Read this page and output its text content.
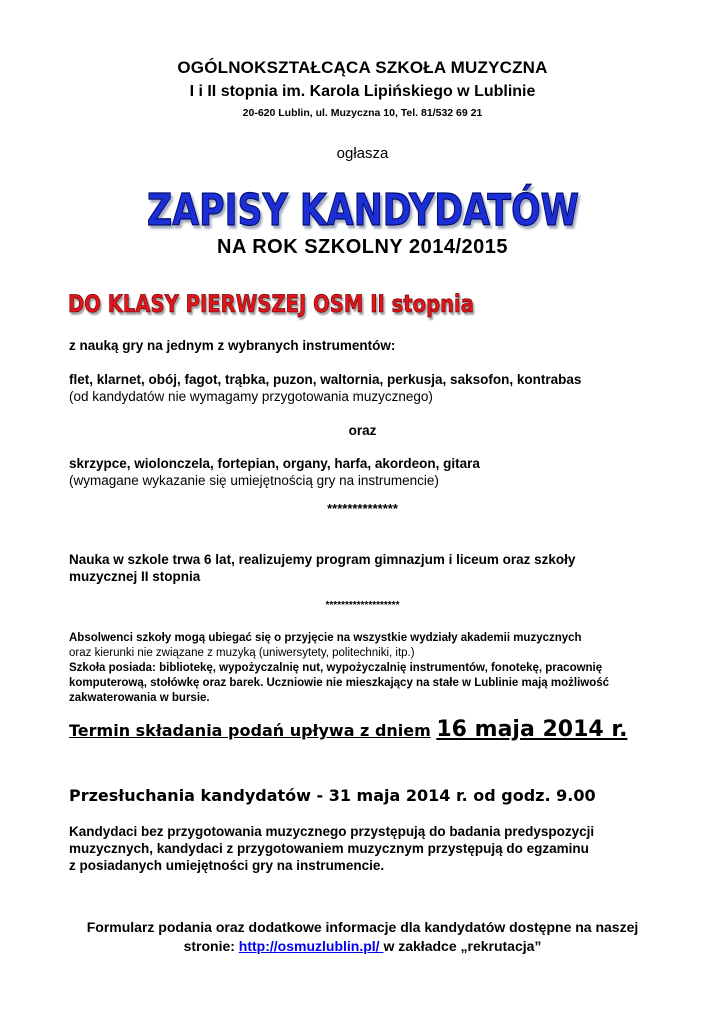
OGÓLNOKSZTAŁCĄCA SZKOŁA MUZYCZNA
I i II stopnia im. Karola Lipińskiego w Lublinie
20-620 Lublin, ul. Muzyczna 10, Tel. 81/532 69 21
ogłasza
ZAPISY KANDYDATÓW
NA ROK SZKOLNY 2014/2015
DO KLASY PIERWSZEJ OSM II stopnia
z nauką gry na jednym z wybranych instrumentów:
flet, klarnet, obój, fagot, trąbka, puzon, waltornia, perkusja, saksofon, kontrabas
(od kandydatów nie wymagamy przygotowania muzycznego)
oraz
skrzypce, wiolonczela, fortepian, organy, harfa, akordeon, gitara
(wymagane wykazanie się umiejętnością gry na instrumencie)
**************
Nauka w szkole trwa 6 lat, realizujemy program gimnazjum i liceum oraz szkoły
muzycznej II stopnia
*******************
Absolwenci szkoły mogą ubiegać się o przyjęcie na wszystkie wydziały akademii muzycznych
oraz kierunki nie związane z muzyką (uniwersytety, politechniki, itp.)
Szkoła posiada: bibliotekę, wypożyczalnię nut, wypożyczalnię instrumentów, fonotekę, pracownię
komputerową, stołówkę oraz barek. Uczniowie nie mieszkający na stałe w Lublinie mają możliwość
zakwaterowania w bursie.
Termin składania podań upływa z dniem 16 maja 2014 r.
Przesłuchania kandydatów - 31 maja 2014 r. od godz. 9.00
Kandydaci bez przygotowania muzycznego przystępują do badania predyspozycji
muzycznych, kandydaci z przygotowaniem muzycznym przystępują do egzaminu
z posiadanych umiejętności gry na instrumencie.
Formularz podania oraz dodatkowe informacje dla kandydatów dostępne na naszej
stronie: http://osmuzlublin.pl/ w zakładce „rekrutacja”
